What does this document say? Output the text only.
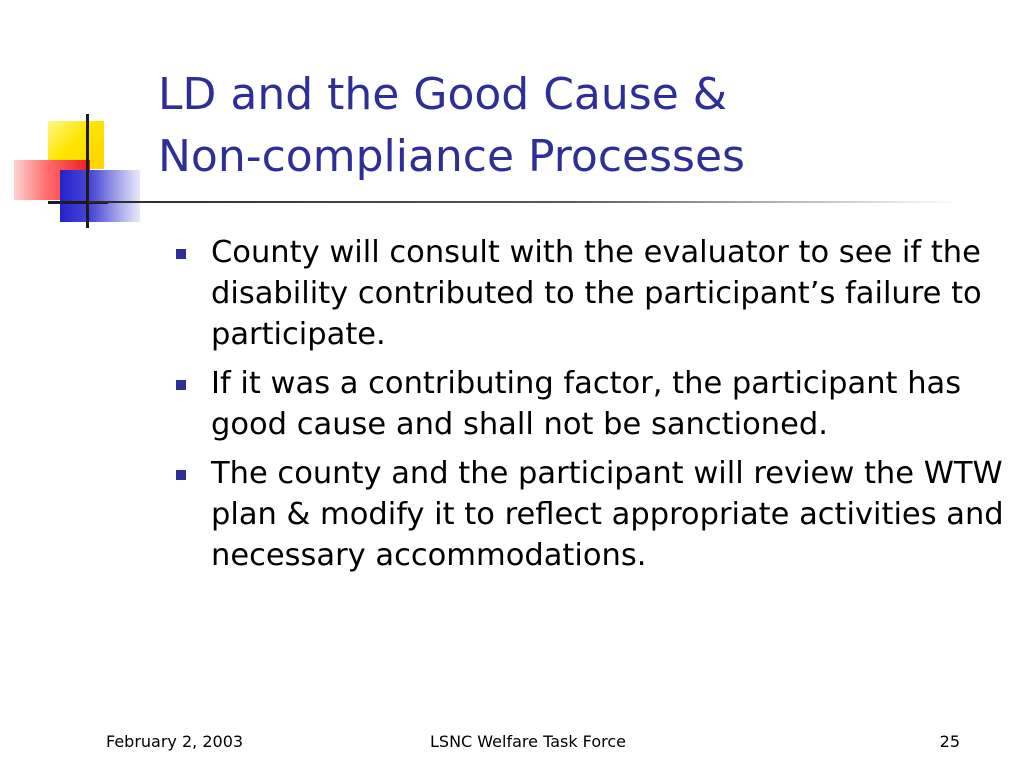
LD and the Good Cause &
Non-compliance Processes
County will consult with the evaluator to see if the disability contributed to the participant’s failure to participate.
If it was a contributing factor, the participant has good cause and shall not be sanctioned.
The county and the participant will review the WTW plan & modify it to reflect appropriate activities and necessary accommodations.
February 2, 2003	LSNC Welfare Task Force	25
